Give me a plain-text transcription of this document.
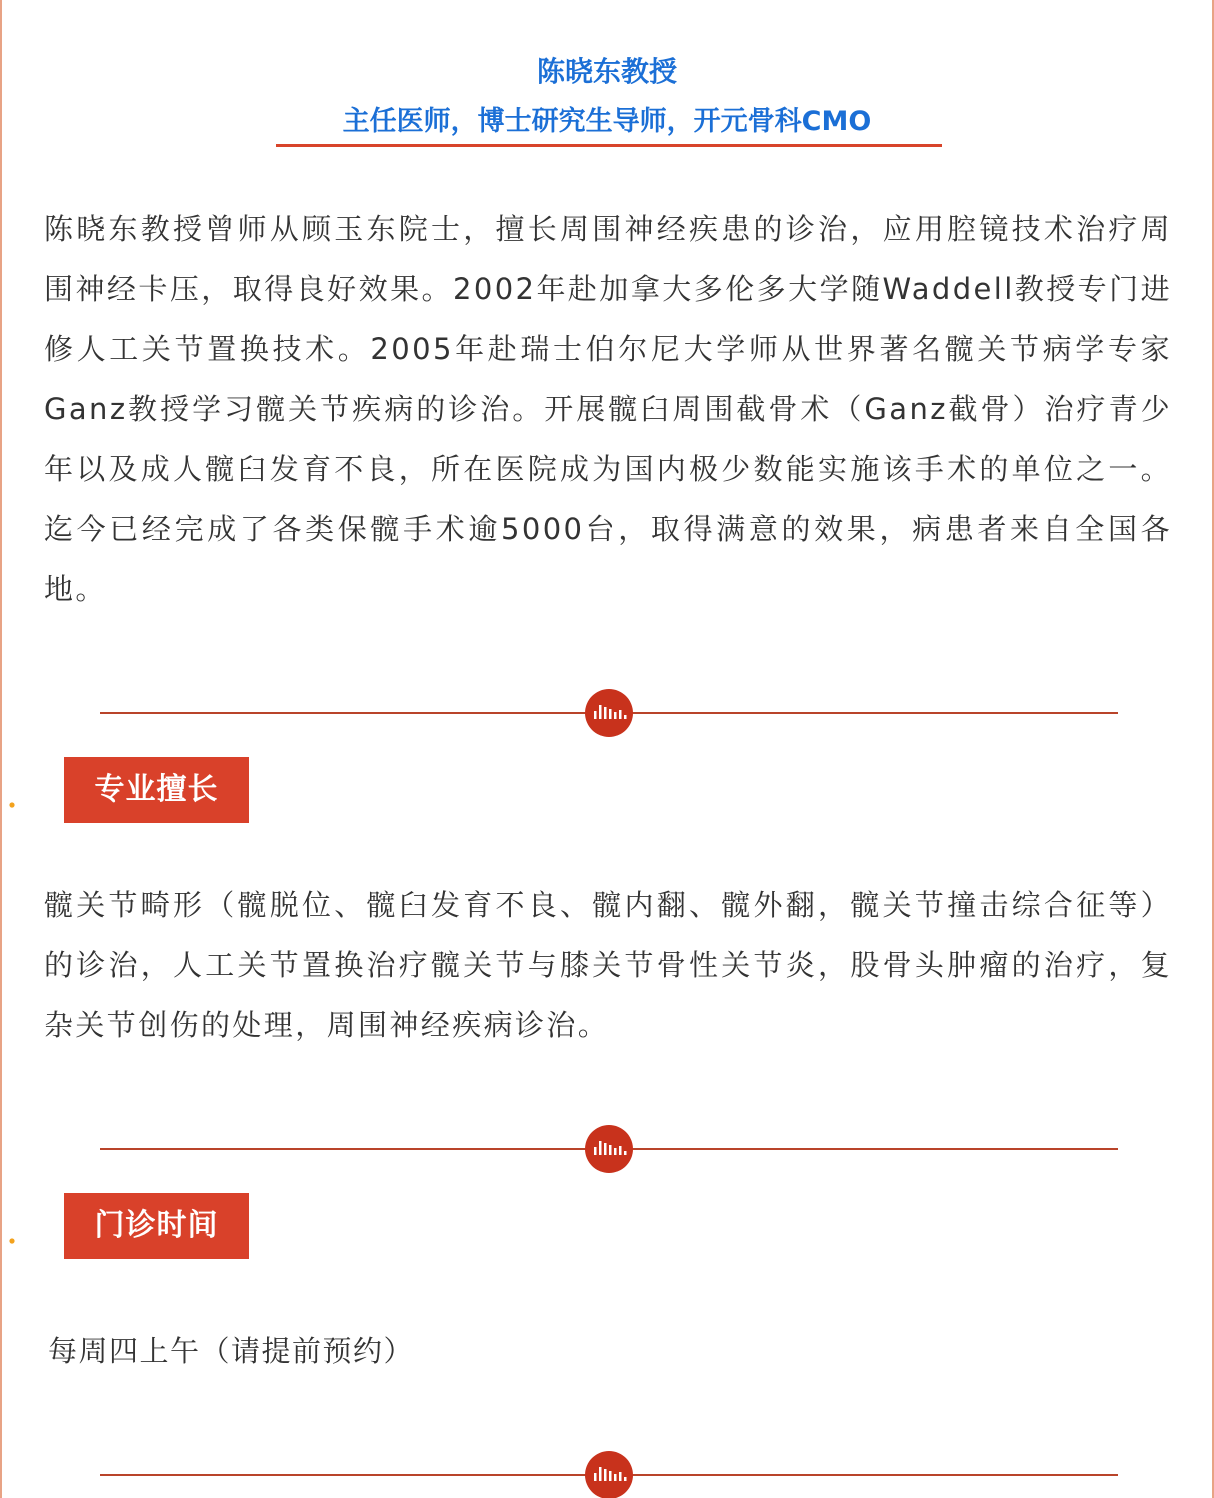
陈晓东教授
主任医师，博士研究生导师，开元骨科CMO

陈晓东教授曾师从顾玉东院士，擅长周围神经疾患的诊治，应用腔镜技术治疗周围神经卡压，取得良好效果。2002年赴加拿大多伦多大学随Waddell教授专门进修人工关节置换技术。2005年赴瑞士伯尔尼大学师从世界著名髋关节病学专家Ganz教授学习髋关节疾病的诊治。开展髋臼周围截骨术（Ganz截骨）治疗青少年以及成人髋臼发育不良，所在医院成为国内极少数能实施该手术的单位之一。迄今已经完成了各类保髋手术逾5000台，取得满意的效果，病患者来自全国各地。

专业擅长

髋关节畸形（髋脱位、髋臼发育不良、髋内翻、髋外翻，髋关节撞击综合征等）的诊治，人工关节置换治疗髋关节与膝关节骨性关节炎，股骨头肿瘤的治疗，复杂关节创伤的处理，周围神经疾病诊治。

门诊时间

每周四上午（请提前预约）
